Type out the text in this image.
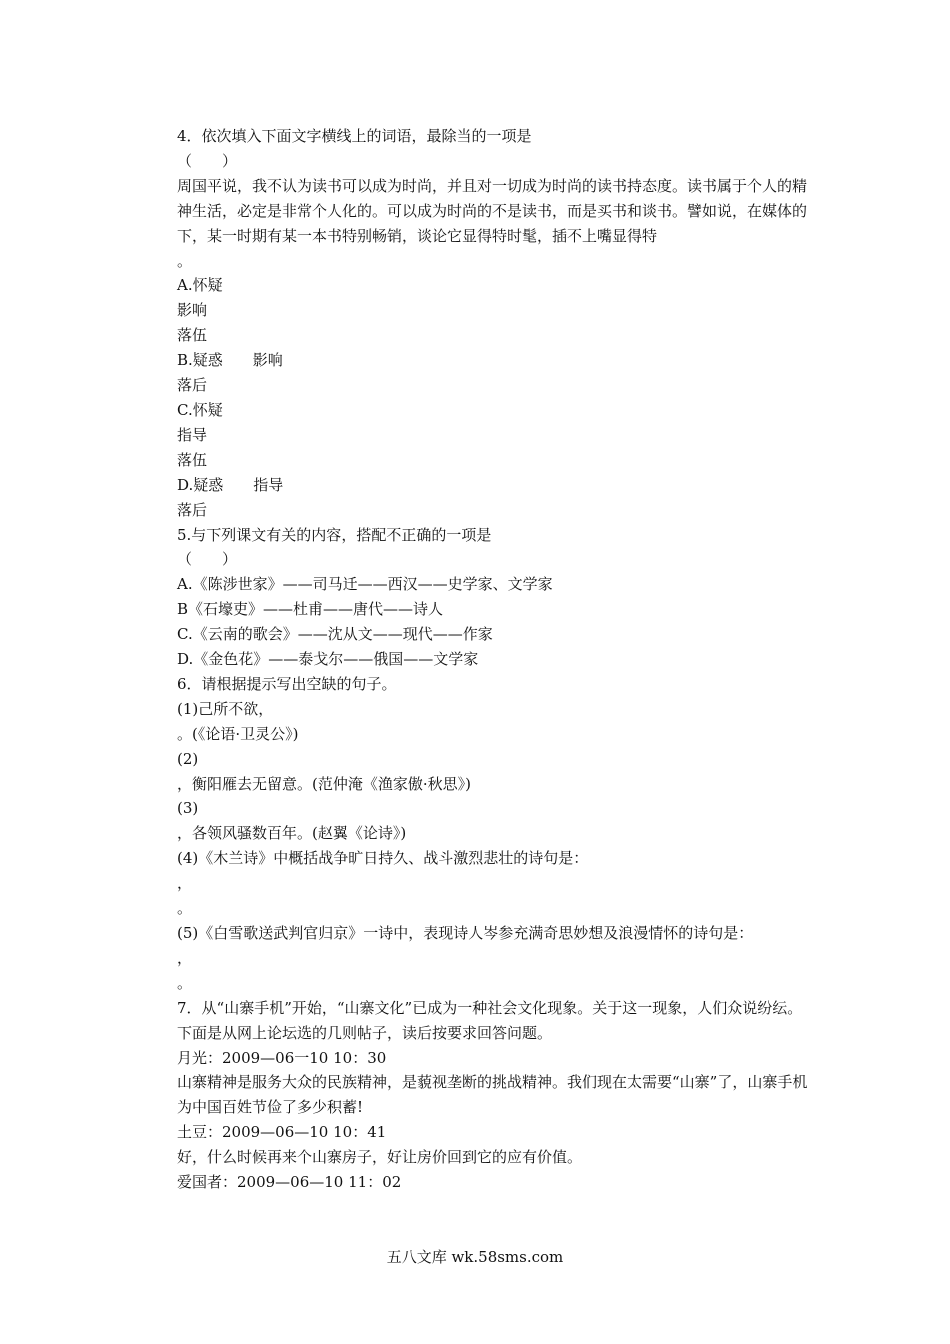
4．依次填入下面文字横线上的词语，最除当的一项是
（　　）
周国平说，我不认为读书可以成为时尚，并且对一切成为时尚的读书持态度。读书属于个人的精神生活，必定是非常个人化的。可以成为时尚的不是读书，而是买书和谈书。譬如说，在媒体的
下，某一时期有某一本书特别畅销，谈论它显得特时髦，插不上嘴显得特
。
A.怀疑
影响
落伍
B.疑惑　　影响
落后
C.怀疑
指导
落伍
D.疑惑　　指导
落后
5.与下列课文有关的内容，搭配不正确的一项是
（　　）
A.《陈涉世家》——司马迁——西汉——史学家、文学家
B《石壕吏》——杜甫——唐代——诗人
C.《云南的歌会》——沈从文——现代——作家
D.《金色花》——泰戈尔——俄国——文学家
6．请根据提示写出空缺的句子。
(1)己所不欲，
。(《论语·卫灵公》)
(2)
，衡阳雁去无留意。(范仲淹《渔家傲·秋思》)
(3)
，各领风骚数百年。(赵翼《论诗》)
(4)《木兰诗》中概括战争旷日持久、战斗激烈悲壮的诗句是：
，
。
(5)《白雪歌送武判官归京》一诗中，表现诗人岑参充满奇思妙想及浪漫情怀的诗句是：
，
。
7．从“山寨手机”开始，“山寨文化”已成为一种社会文化现象。关于这一现象，人们众说纷纭。下面是从网上论坛选的几则帖子，读后按要求回答问题。
月光：2009—06一10 10：30
山寨精神是服务大众的民族精神，是藐视垄断的挑战精神。我们现在太需要“山寨”了，山寨手机为中国百姓节俭了多少积蓄!
土豆：2009—06—10 10：41
好，什么时候再来个山寨房子，好让房价回到它的应有价值。
爱国者：2009—06—10 11：02
五八文库 wk.58sms.com
